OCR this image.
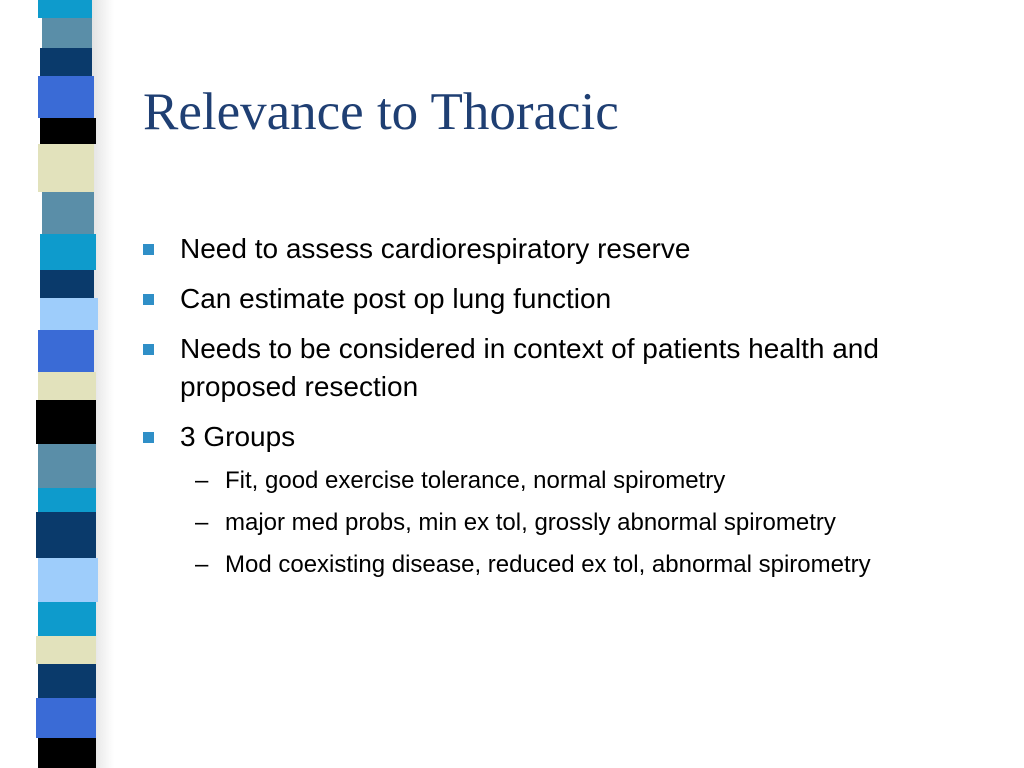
Relevance to Thoracic
Need to assess cardiorespiratory reserve
Can estimate post op lung function
Needs to be considered in context of patients health and proposed resection
3 Groups
– Fit, good exercise tolerance, normal spirometry
– major med probs, min ex tol, grossly abnormal spirometry
– Mod coexisting disease, reduced ex tol, abnormal spirometry
